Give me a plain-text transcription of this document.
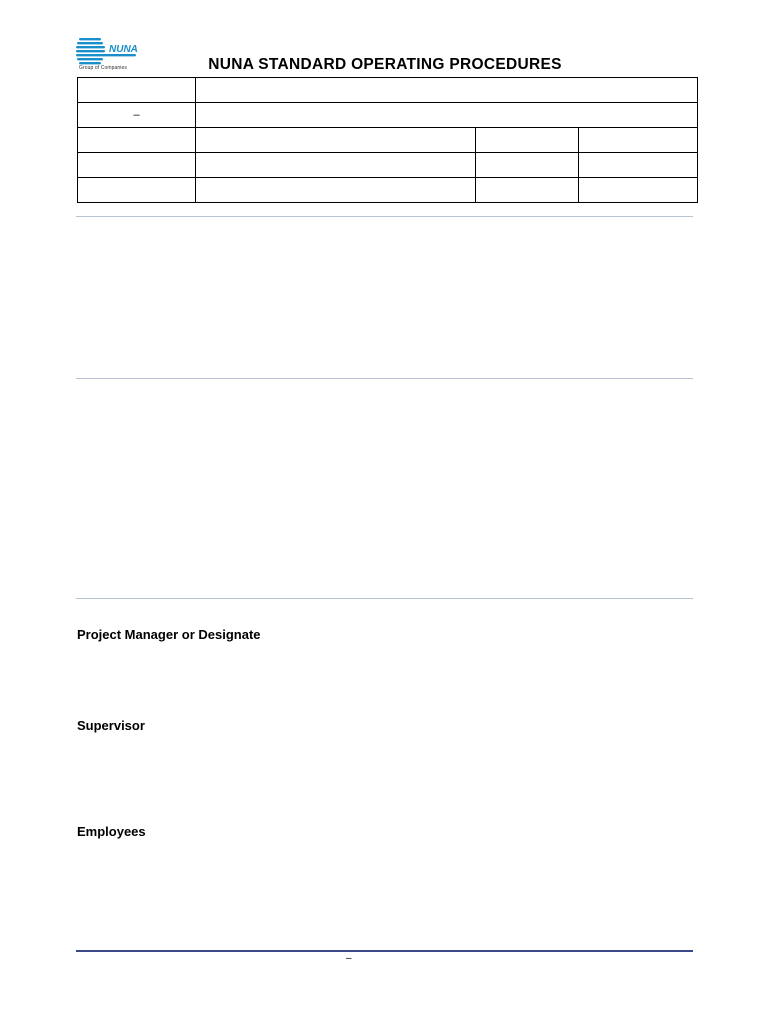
NUNA
Group of Companies	NUNA STANDARD OPERATING PROCEDURES

–			

Project Manager or Designate
Supervisor
Employees
–
